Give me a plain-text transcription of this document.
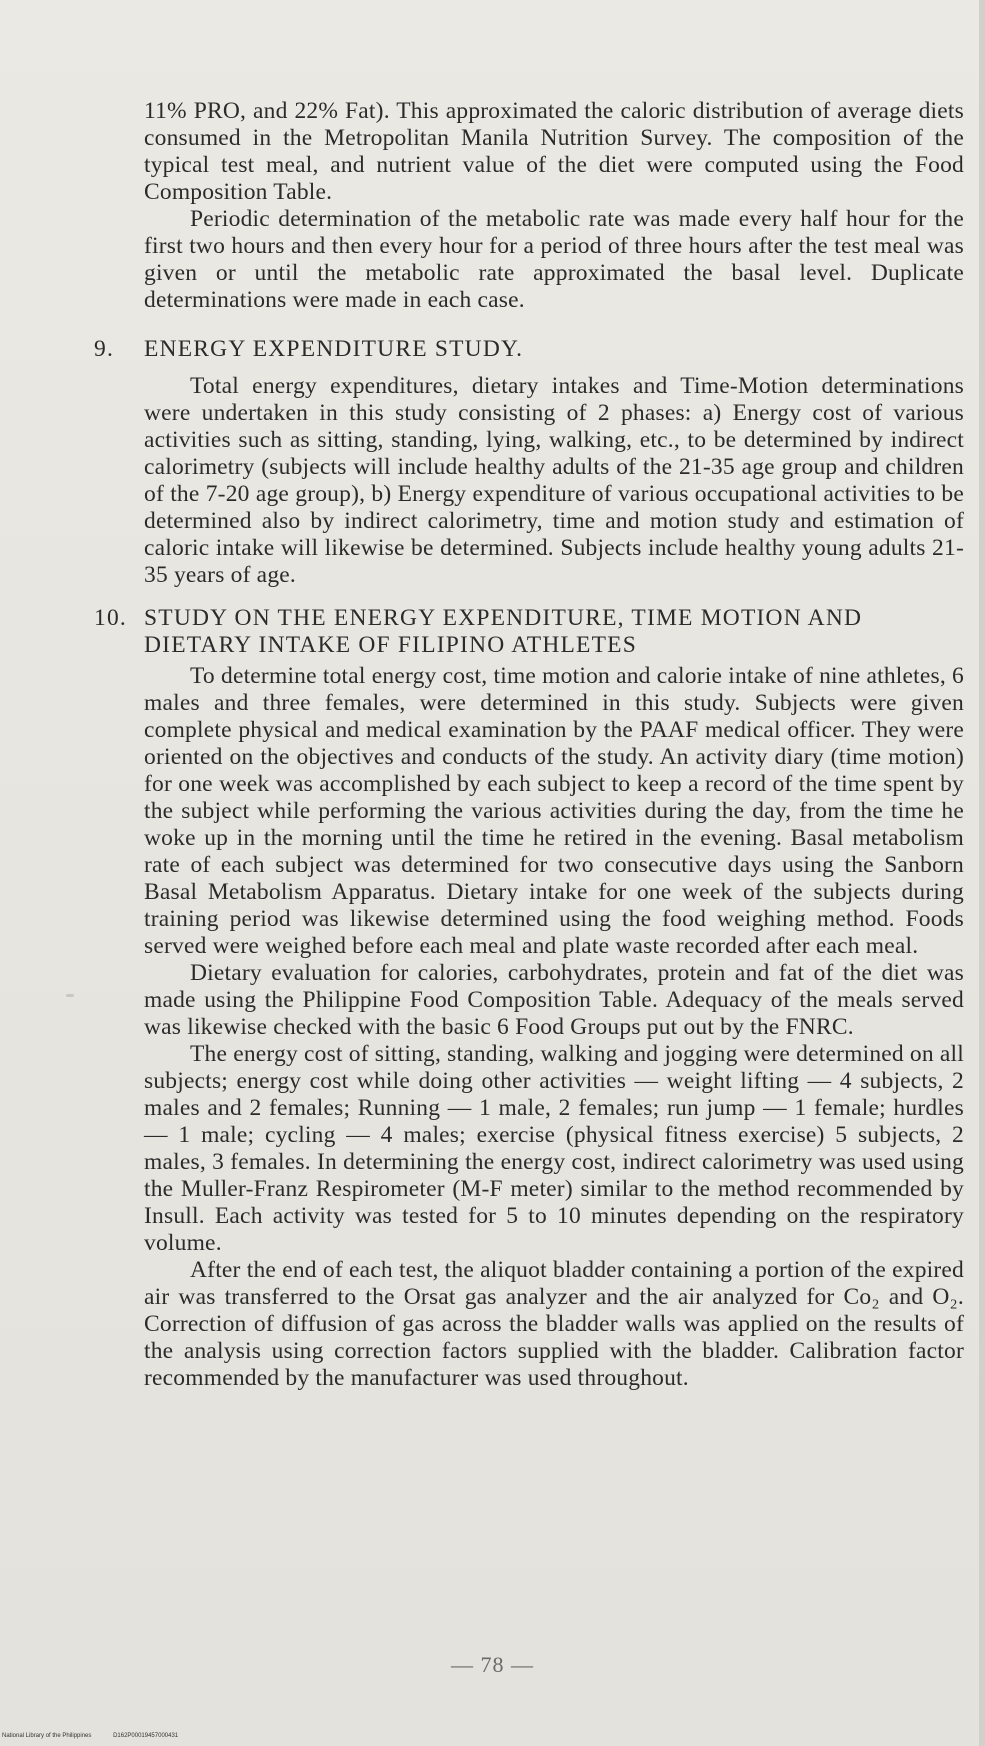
11% PRO, and 22% Fat). This approximated the caloric distribution of average diets consumed in the Metropolitan Manila Nutrition Survey. The composition of the typical test meal, and nutrient value of the diet were computed using the Food Composition Table.

Periodic determination of the metabolic rate was made every half hour for the first two hours and then every hour for a period of three hours after the test meal was given or until the metabolic rate approximated the basal level. Duplicate determinations were made in each case.

9.	ENERGY EXPENDITURE STUDY.

Total energy expenditures, dietary intakes and Time-Motion determinations were undertaken in this study consisting of 2 phases: a) Energy cost of various activities such as sitting, standing, lying, walking, etc., to be determined by indirect calorimetry (subjects will include healthy adults of the 21-35 age group and children of the 7-20 age group), b) Energy expenditure of various occupational activities to be determined also by indirect calorimetry, time and motion study and estimation of caloric intake will likewise be determined. Subjects include healthy young adults 21-35 years of age.

10. STUDY ON THE ENERGY EXPENDITURE, TIME MOTION AND DIETARY INTAKE OF FILIPINO ATHLETES

To determine total energy cost, time motion and calorie intake of nine athletes, 6 males and three females, were determined in this study. Subjects were given complete physical and medical examination by the PAAF medical officer. They were oriented on the objectives and conducts of the study. An activity diary (time motion) for one week was accomplished by each subject to keep a record of the time spent by the subject while performing the various activities during the day, from the time he woke up in the morning until the time he retired in the evening. Basal metabolism rate of each subject was determined for two consecutive days using the Sanborn Basal Metabolism Apparatus. Dietary intake for one week of the subjects during training period was likewise determined using the food weighing method. Foods served were weighed before each meal and plate waste recorded after each meal.

Dietary evaluation for calories, carbohydrates, protein and fat of the diet was made using the Philippine Food Composition Table. Adequacy of the meals served was likewise checked with the basic 6 Food Groups put out by the FNRC.

The energy cost of sitting, standing, walking and jogging were determined on all subjects; energy cost while doing other activities — weight lifting — 4 subjects, 2 males and 2 females; Running — 1 male, 2 females; run jump — 1 female; hurdles — 1 male; cycling — 4 males; exercise (physical fitness exercise) 5 subjects, 2 males, 3 females. In determining the energy cost, indirect calorimetry was used using the Muller-Franz Respirometer (M-F meter) similar to the method recommended by Insull. Each activity was tested for 5 to 10 minutes depending on the respiratory volume.

After the end of each test, the aliquot bladder containing a portion of the expired air was transferred to the Orsat gas analyzer and the air analyzed for Co₂ and O₂. Correction of diffusion of gas across the bladder walls was applied on the results of the analysis using correction factors supplied with the bladder. Calibration factor recommended by the manufacturer was used throughout.

— 78 —
National Library of the Philippines	D162P00019457000431
